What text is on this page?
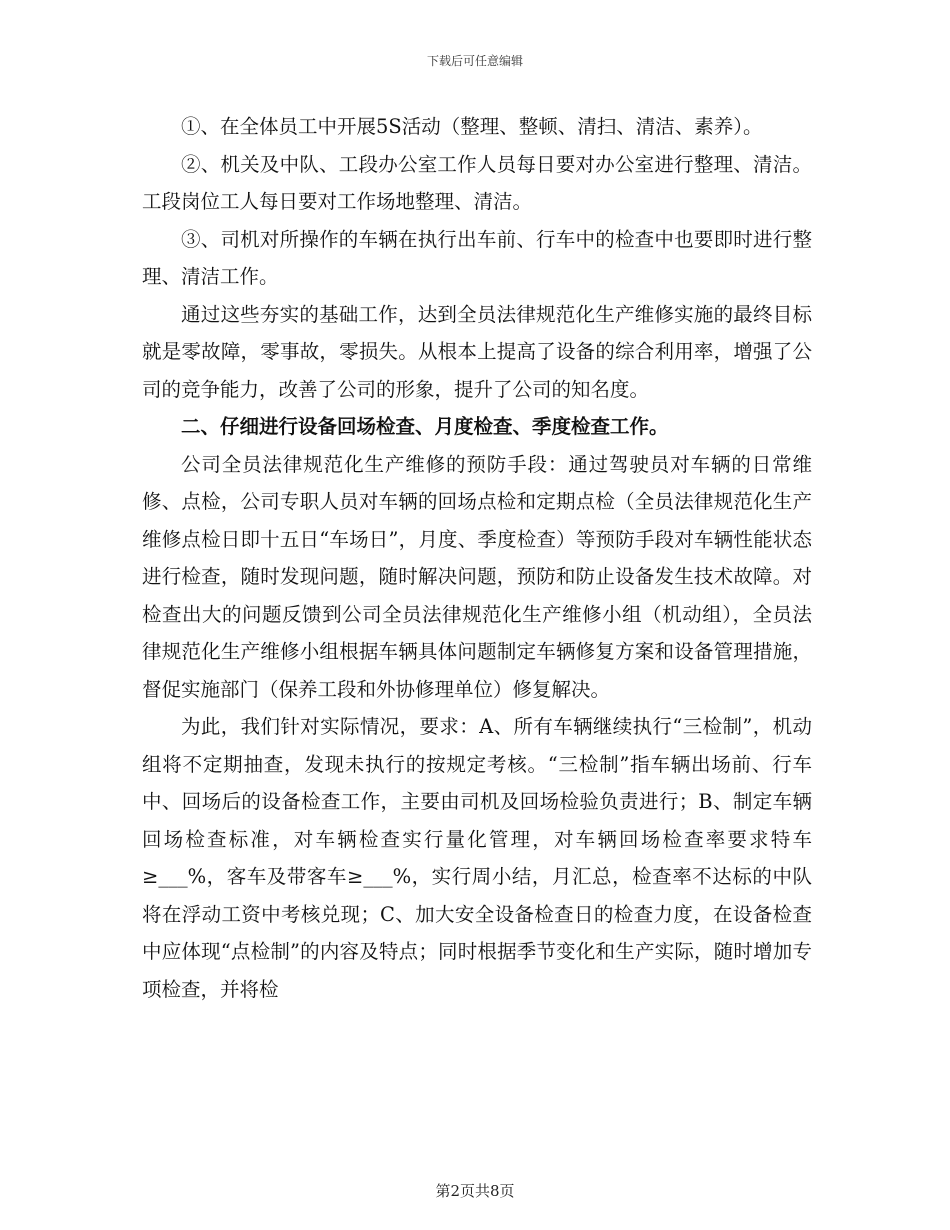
下载后可任意编辑

①、在全体员工中开展5S活动（整理、整顿、清扫、清洁、素养）。

②、机关及中队、工段办公室工作人员每日要对办公室进行整理、清洁。工段岗位工人每日要对工作场地整理、清洁。

③、司机对所操作的车辆在执行出车前、行车中的检查中也要即时进行整理、清洁工作。

通过这些夯实的基础工作，达到全员法律规范化生产维修实施的最终目标就是零故障，零事故，零损失。从根本上提高了设备的综合利用率，增强了公司的竞争能力，改善了公司的形象，提升了公司的知名度。

二、仔细进行设备回场检查、月度检查、季度检查工作。

公司全员法律规范化生产维修的预防手段：通过驾驶员对车辆的日常维修、点检，公司专职人员对车辆的回场点检和定期点检（全员法律规范化生产维修点检日即十五日“车场日”，月度、季度检查）等预防手段对车辆性能状态进行检查，随时发现问题，随时解决问题，预防和防止设备发生技术故障。对检查出大的问题反馈到公司全员法律规范化生产维修小组（机动组），全员法律规范化生产维修小组根据车辆具体问题制定车辆修复方案和设备管理措施，督促实施部门（保养工段和外协修理单位）修复解决。

为此，我们针对实际情况，要求：A、所有车辆继续执行“三检制”，机动组将不定期抽查，发现未执行的按规定考核。“三检制”指车辆出场前、行车中、回场后的设备检查工作，主要由司机及回场检验负责进行；B、制定车辆回场检查标准，对车辆检查实行量化管理，对车辆回场检查率要求特车≥___%，客车及带客车≥___%，实行周小结，月汇总，检查率不达标的中队将在浮动工资中考核兑现；C、加大安全设备检查日的检查力度，在设备检查中应体现“点检制”的内容及特点；同时根据季节变化和生产实际，随时增加专项检查，并将检

第2页共8页
